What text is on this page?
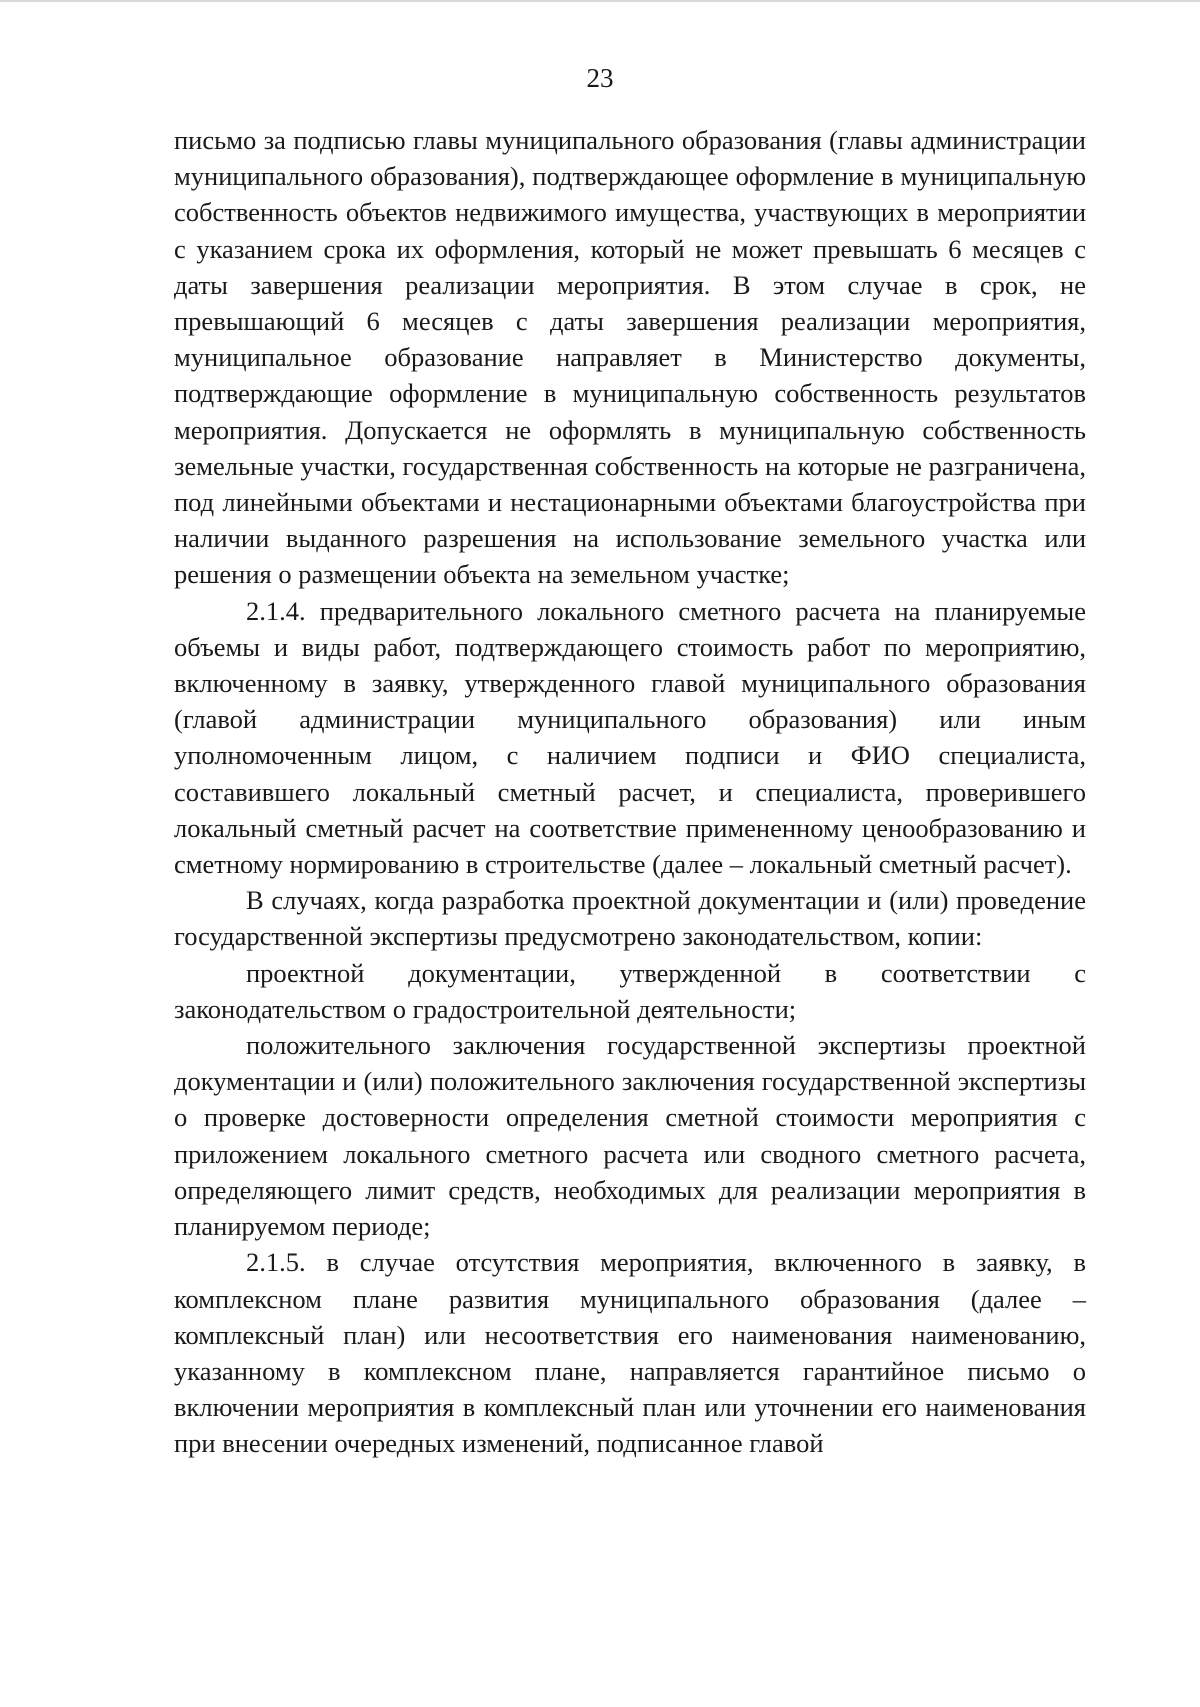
23

письмо за подписью главы муниципального образования (главы администрации муниципального образования), подтверждающее оформление в муниципальную собственность объектов недвижимого имущества, участвующих в мероприятии с указанием срока их оформления, который не может превышать 6 месяцев с даты завершения реализации мероприятия. В этом случае в срок, не превышающий 6 месяцев с даты завершения реализации мероприятия, муниципальное образование направляет в Министерство документы, подтверждающие оформление в муниципальную собственность результатов мероприятия. Допускается не оформлять в муниципальную собственность земельные участки, государственная собственность на которые не разграничена, под линейными объектами и нестационарными объектами благоустройства при наличии выданного разрешения на использование земельного участка или решения о размещении объекта на земельном участке;

2.1.4. предварительного локального сметного расчета на планируемые объемы и виды работ, подтверждающего стоимость работ по мероприятию, включенному в заявку, утвержденного главой муниципального образования (главой администрации муниципального образования) или иным уполномоченным лицом, с наличием подписи и ФИО специалиста, составившего локальный сметный расчет, и специалиста, проверившего локальный сметный расчет на соответствие примененному ценообразованию и сметному нормированию в строительстве (далее – локальный сметный расчет).

В случаях, когда разработка проектной документации и (или) проведение государственной экспертизы предусмотрено законодательством, копии:

проектной документации, утвержденной в соответствии с законодательством о градостроительной деятельности;

положительного заключения государственной экспертизы проектной документации и (или) положительного заключения государственной экспертизы о проверке достоверности определения сметной стоимости мероприятия с приложением локального сметного расчета или сводного сметного расчета, определяющего лимит средств, необходимых для реализации мероприятия в планируемом периоде;

2.1.5. в случае отсутствия мероприятия, включенного в заявку, в комплексном плане развития муниципального образования (далее – комплексный план) или несоответствия его наименования наименованию, указанному в комплексном плане, направляется гарантийное письмо о включении мероприятия в комплексный план или уточнении его наименования при внесении очередных изменений, подписанное главой
